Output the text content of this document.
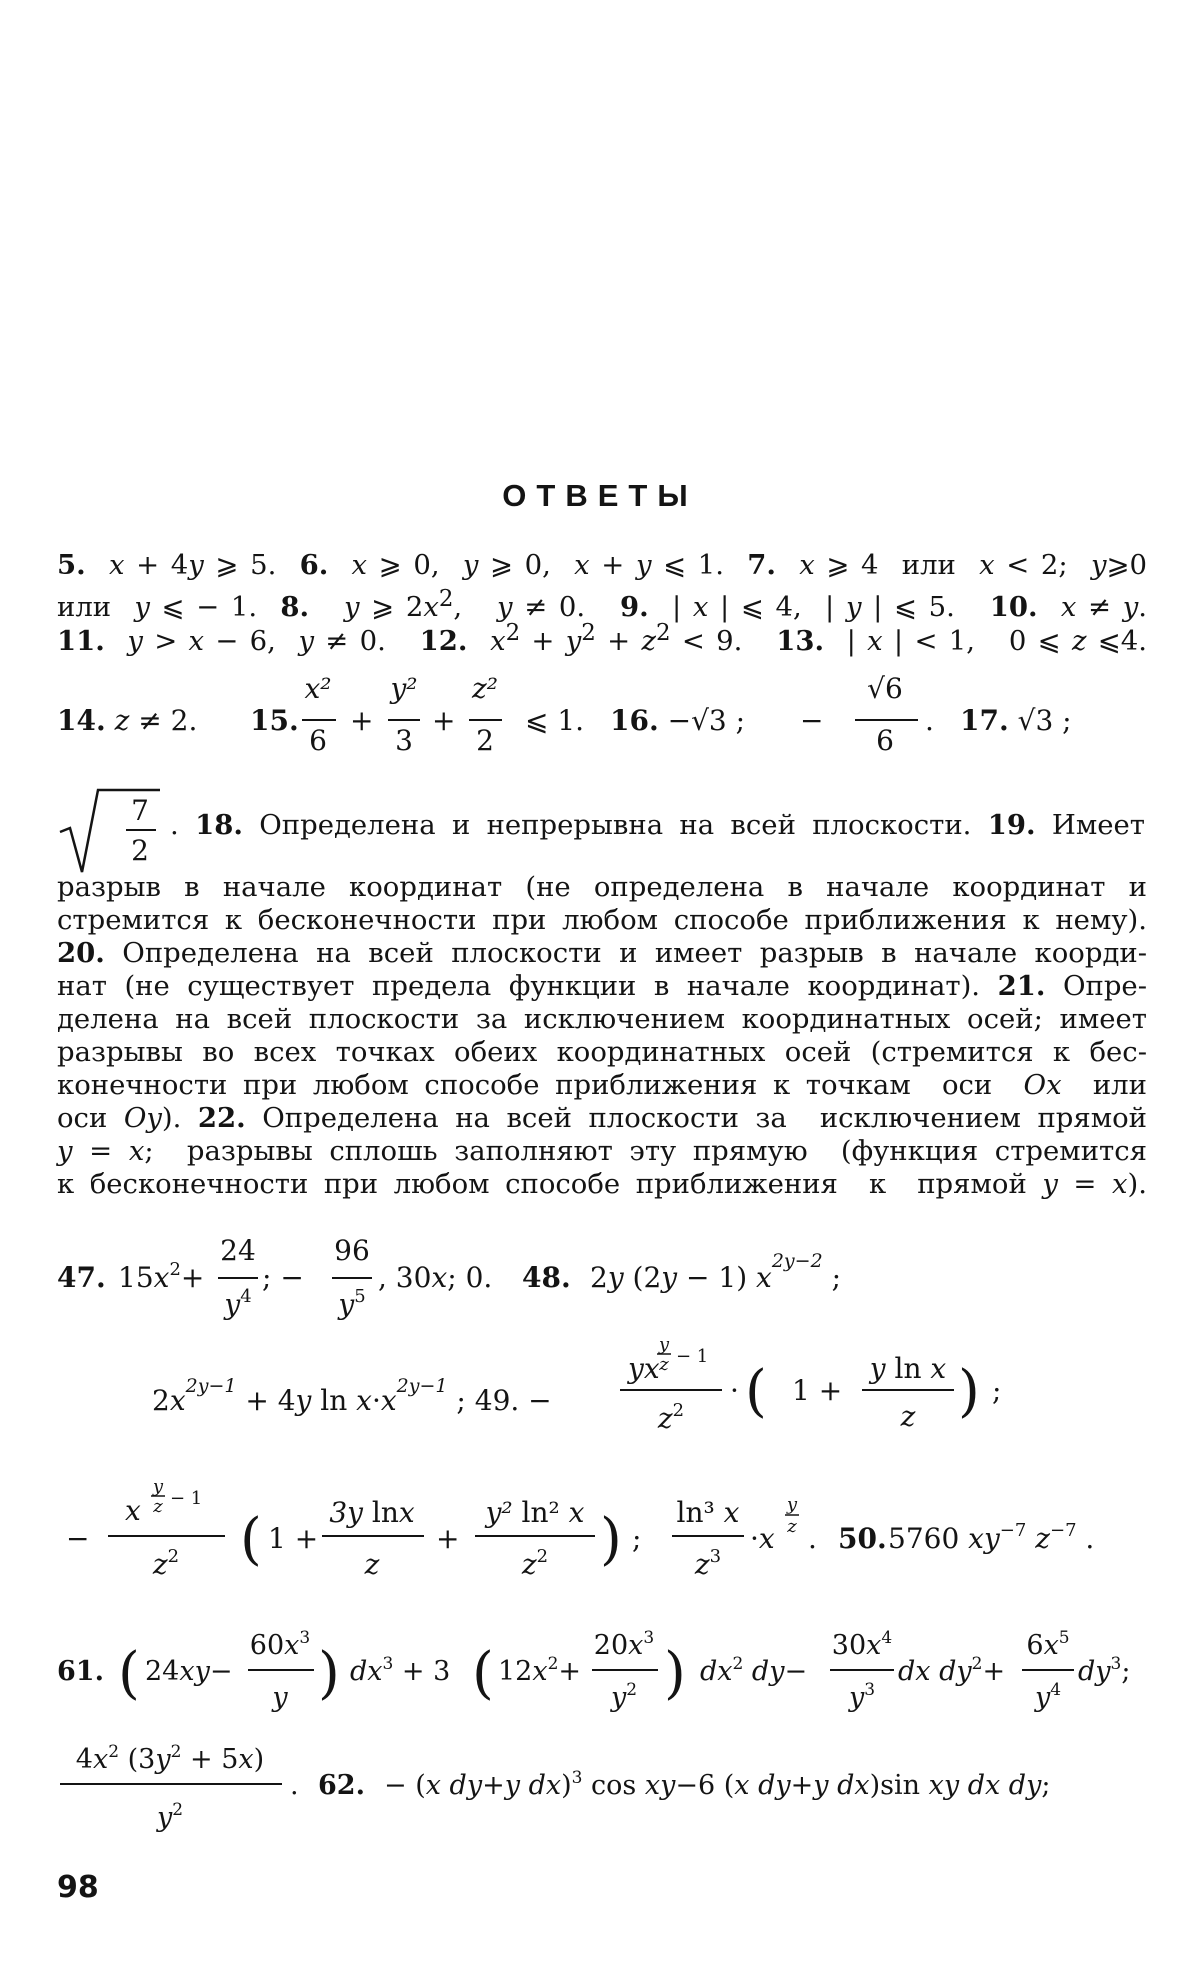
ОТВЕТЫ
5. x + 4y ⩾ 5.  6. x ⩾ 0,  y ⩾ 0,  x + y ⩽ 1.  7. x ⩾ 4  или  x < 2;  y⩾0
или  y ⩽ − 1.  8. y ⩾ $2x^2$,   y ≠ 0.   9.  | x | ⩽ 4,  | y | ⩽ 5.   10. x ≠ y.
11. y > x − 6,  y ≠ 0.   12. $x^2 + y^2 + z^2 < 9$.   13.  | x | < 1,   0 ⩽ z ⩽4.
14. z ≠ 2. 15.
x²
6
+
y²
3
+
z²
2
⩽ 1. 16. −√3 ; −
√6
6
. 17. √3 ;
7
2
. 18. Определена и непрерывна на всей плоскости. 19. Имеет
разрыв в начале координат (не определена в начале координат и
стремится к бесконечности при любом способе приближения к нему).
20. Определена на всей плоскости и имеет разрыв в начале коорди-
нат (не существует предела функции в начале координат). 21. Опре-
делена на всей плоскости за исключением координатных осей; имеет
разрывы во всех точках обеих координатных осей (стремится к бес-
конечности при любом способе приближения к точкам  оси  Ox  или
оси Oy). 22. Определена на всей плоскости за  исключением прямой
y = x;  разрывы сплошь заполняют эту прямую  (функция стремится
к бесконечности при любом способе приближения  к  прямой y = x).
47. $15x^2+$
24
$y^4$
; −
96
$y^5$
, 30x; 0. 48. 2y (2y − 1) $x^{2y-2}$ ;
$2x^{2y-1} + 4y$ $\ln x\cdot x^{2y-1}$ ; 49. −
yx
y
z − 1
$z^2$
· ( 1 +
y ln x
z ) ;
−
x
y
z − 1
$z^2$ ( 1 +
3y lnx
z
+
y² ln² x
$z^2$ ) ;
ln³ x
$z^3$
·x
y
z . 50. 5760 $xy^{-7}$ $z^{-7}$ .
61. ( 24xy−
$60x^3$
y ) $dx^3 + 3$ ( $12x^2+$
$20x^3$
$y^2$ ) $dx^2$ dy−
$30x^4$
$y^3$
dx $dy^2+$
$6x^5$
$y^4$
$dy^3$;
$4x^2$ $(3y^2 + 5x)$
$y^2$
. 62. − (x dy+y dx)$^3$ cos xy−6 (x dy+y dx)sin xy dx dy;
98
